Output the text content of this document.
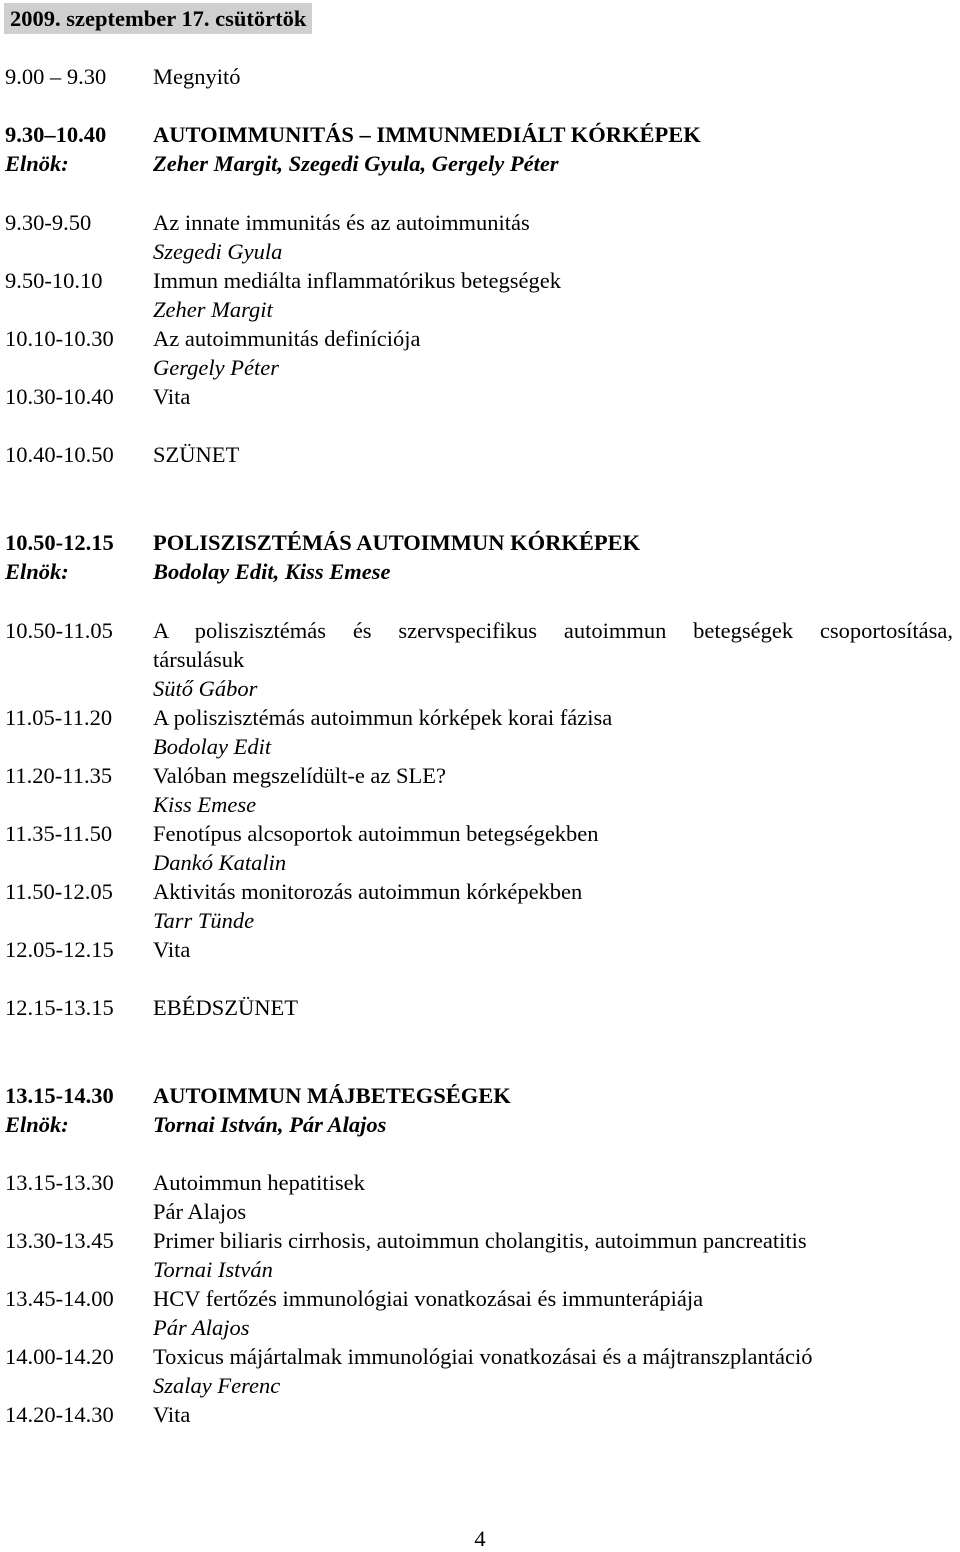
2009. szeptember 17. csütörtök
9.00 – 9.30 Megnyitó
9.30–10.40 AUTOIMMUNITÁS – IMMUNMEDIÁLT KÓRKÉPEK
Elnök:	Zeher Margit, Szegedi Gyula, Gergely Péter
9.30-9.50	Az innate immunitás és az autoimmunitás
Szegedi Gyula
9.50-10.10 Immun mediálta inflammatórikus betegségek
Zeher Margit
10.10-10.30 Az autoimmunitás definíciója
Gergely Péter
10.30-10.40 Vita
10.40-10.50 SZÜNET
10.50-12.15 POLISZISZTÉMÁS AUTOIMMUN KÓRKÉPEK
Elnök:	Bodolay Edit, Kiss Emese
10.50-11.05 A poliszisztémás és szervspecifikus autoimmun betegségek csoportosítása,
társulásuk
Sütő Gábor
11.05-11.20 A poliszisztémás autoimmun kórképek korai fázisa
Bodolay Edit
11.20-11.35 Valóban megszelídült-e az SLE?
Kiss Emese
11.35-11.50 Fenotípus alcsoportok autoimmun betegségekben
Dankó Katalin
11.50-12.05 Aktivitás monitorozás autoimmun kórképekben
Tarr Tünde
12.05-12.15 Vita
12.15-13.15 EBÉDSZÜNET
13.15-14.30 AUTOIMMUN MÁJBETEGSÉGEK
Elnök:	Tornai István, Pár Alajos
13.15-13.30 Autoimmun hepatitisek
Pár Alajos
13.30-13.45 Primer biliaris cirrhosis, autoimmun cholangitis, autoimmun pancreatitis
Tornai István
13.45-14.00 HCV fertőzés immunológiai vonatkozásai és immunterápiája
Pár Alajos
14.00-14.20 Toxicus májártalmak immunológiai vonatkozásai és a májtranszplantáció
Szalay Ferenc
14.20-14.30 Vita
4
